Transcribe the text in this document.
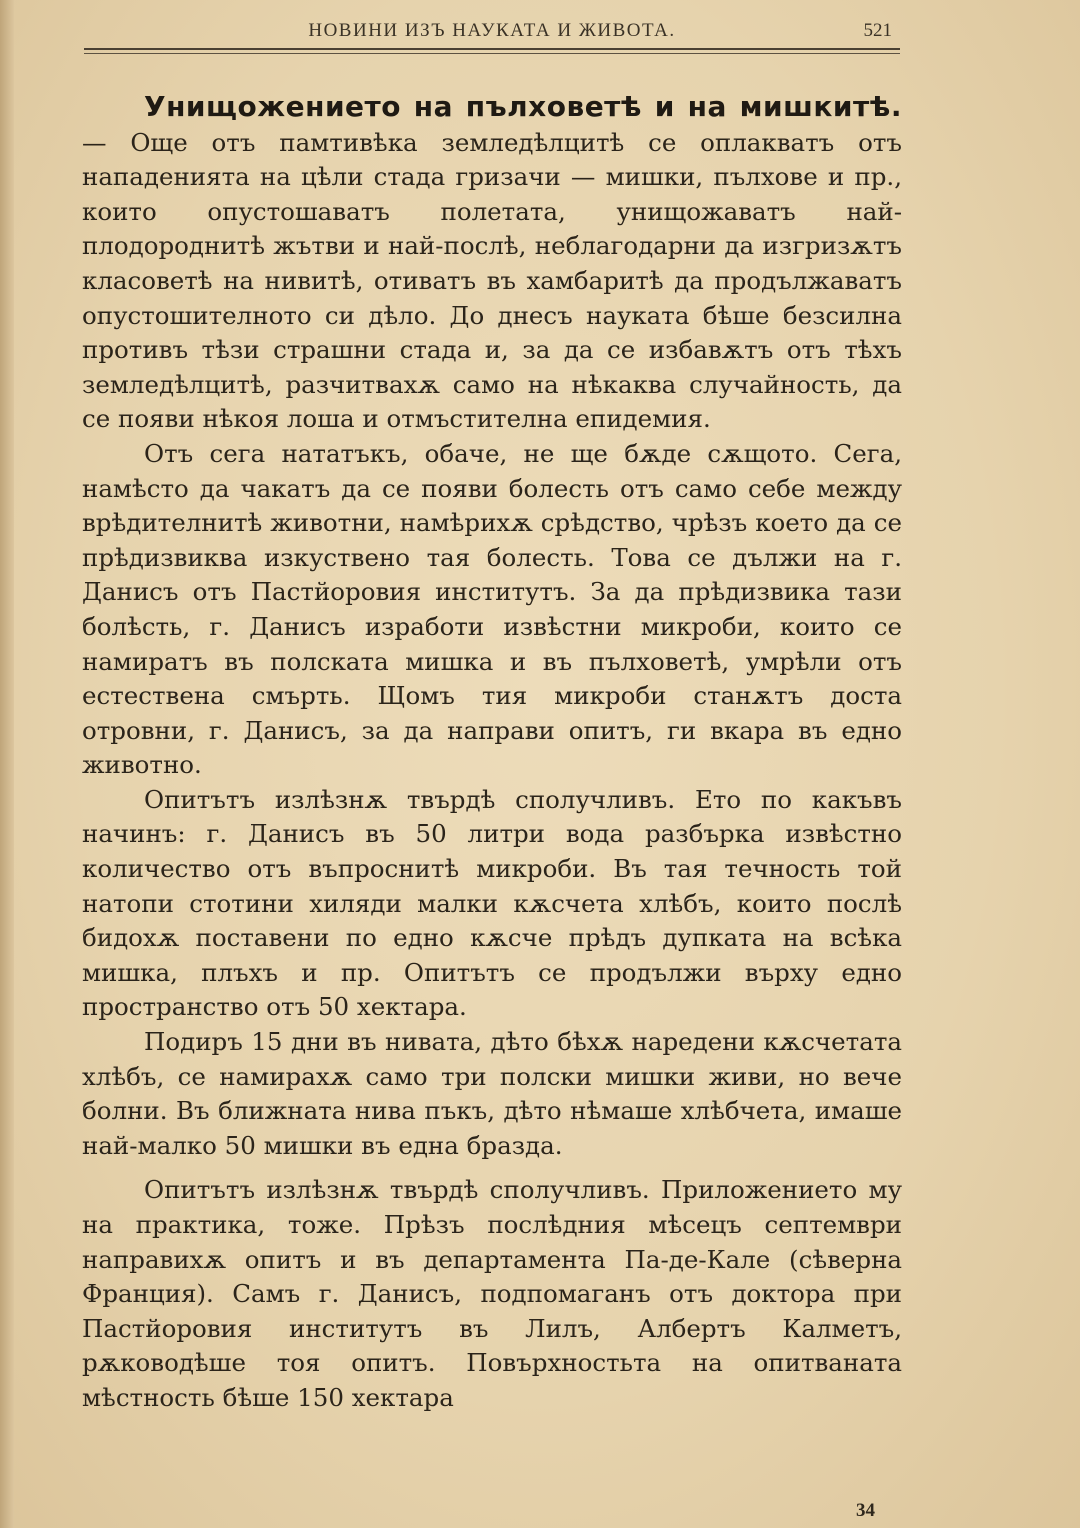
НОВИНИ ИЗЪ НАУКАТА И ЖИВОТА.	521

Унищожението на пълховетѣ и на мишкитѣ. — Още отъ памтивѣка земледѣлцитѣ се оплакватъ отъ нападенията на цѣли стада гризачи — мишки, пълхове и пр., които опустошаватъ полетата, унищожаватъ най-плодороднитѣ жътви и най-послѣ, неблагодарни да изгризѫтъ класоветѣ на нивитѣ, отиватъ въ хамбаритѣ да продължаватъ опустошителното си дѣло. До днесъ науката бѣше безсилна противъ тѣзи страшни стада и, за да се избавѫтъ отъ тѣхъ земледѣлцитѣ, разчитвахѫ само на нѣкаква случайность, да се появи нѣкоя лоша и отмъстителна епидемия.

Отъ сега нататъкъ, обаче, не ще бѫде сѫщото. Сега, намѣсто да чакатъ да се появи болесть отъ само себе между врѣдителнитѣ животни, намѣрихѫ срѣдство, чрѣзъ което да се прѣдизвиква изкуствено тая болесть. Това се дължи на г. Данисъ отъ Пастйоровия институтъ. За да прѣдизвика тази болѣсть, г. Данисъ изработи извѣстни микроби, които се намиратъ въ полската мишка и въ пълховетѣ, умрѣли отъ естествена смърть. Щомъ тия микроби станѫтъ доста отровни, г. Данисъ, за да направи опитъ, ги вкара въ едно животно.

Опитътъ излѣзнѫ твърдѣ сполучливъ. Ето по какъвъ начинъ: г. Данисъ въ 50 литри вода разбърка извѣстно количество отъ въпроснитѣ микроби. Въ тая течность той натопи стотини хиляди малки кѫсчета хлѣбъ, които послѣ бидохѫ поставени по едно кѫсче прѣдъ дупката на всѣка мишка, плъхъ и пр. Опитътъ се продължи върху едно пространство отъ 50 хектара.

Подиръ 15 дни въ нивата, дѣто бѣхѫ наредени кѫсчетата хлѣбъ, се намирахѫ само три полски мишки живи, но вече болни. Въ ближната нива пъкъ, дѣто нѣмаше хлѣбчета, имаше най-малко 50 мишки въ една бразда.

Опитътъ излѣзнѫ твърдѣ сполучливъ. Приложението му на практика, тоже. Прѣзъ послѣдния мѣсецъ септември направихѫ опитъ и въ департамента Па-де-Кале (сѣверна Франция). Самъ г. Данисъ, подпомаганъ отъ доктора при Пастйоровия институтъ въ Лилъ, Албертъ Калметъ, рѫководѣше тоя опитъ. Повърхностьта на опитваната мѣстность бѣше 150 хектара

34
